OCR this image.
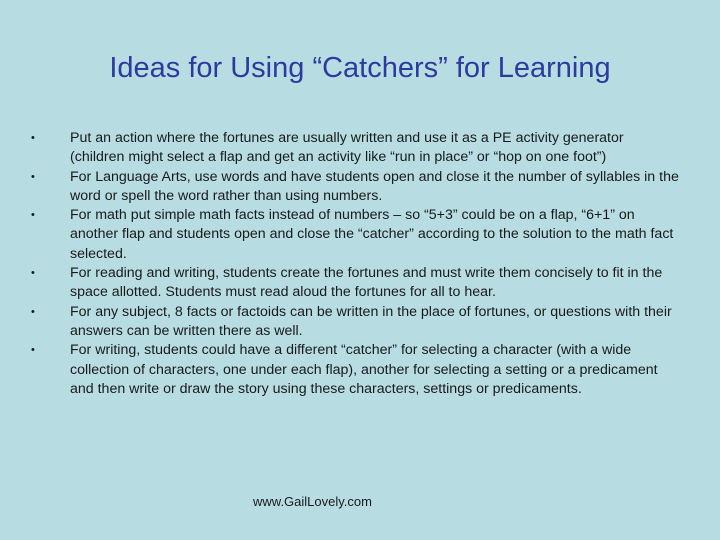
Ideas for Using “Catchers” for Learning
• Put an action where the fortunes are usually written and use it as a PE activity generator (children might select a flap and get an activity like “run in place” or “hop on one foot”)
• For Language Arts, use words and have students open and close it the number of syllables in the word or spell the word rather than using numbers.
• For math put simple math facts instead of numbers – so “5+3” could be on a flap, “6+1” on another flap and students open and close the “catcher” according to the solution to the math fact selected.
• For reading and writing, students create the fortunes and must write them concisely to fit in the space allotted. Students must read aloud the fortunes for all to hear.
• For any subject, 8 facts or factoids can be written in the place of fortunes, or questions with their answers can be written there as well.
• For writing, students could have a different “catcher” for selecting a character (with a wide collection of characters, one under each flap), another for selecting a setting or a predicament and then write or draw the story using these characters, settings or predicaments.
www.GailLovely.com
